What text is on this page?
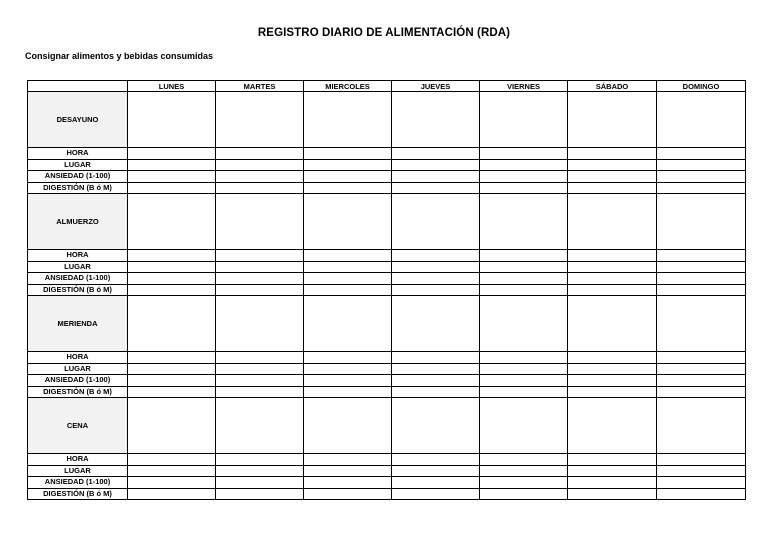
REGISTRO DIARIO DE ALIMENTACIÓN (RDA)
Consignar alimentos y bebidas consumidas
	LUNES	MARTES	MIERCOLES	JUEVES	VIERNES	SÁBADO	DOMINGO
DESAYUNO							
HORA							
LUGAR							
ANSIEDAD (1-100)							
DIGESTIÓN (B ó M)							
ALMUERZO							
HORA							
LUGAR							
ANSIEDAD (1-100)							
DIGESTIÓN (B ó M)							
MERIENDA							
HORA							
LUGAR							
ANSIEDAD (1-100)							
DIGESTIÓN (B ó M)							
CENA							
HORA							
LUGAR							
ANSIEDAD (1-100)							
DIGESTIÓN (B ó M)							
